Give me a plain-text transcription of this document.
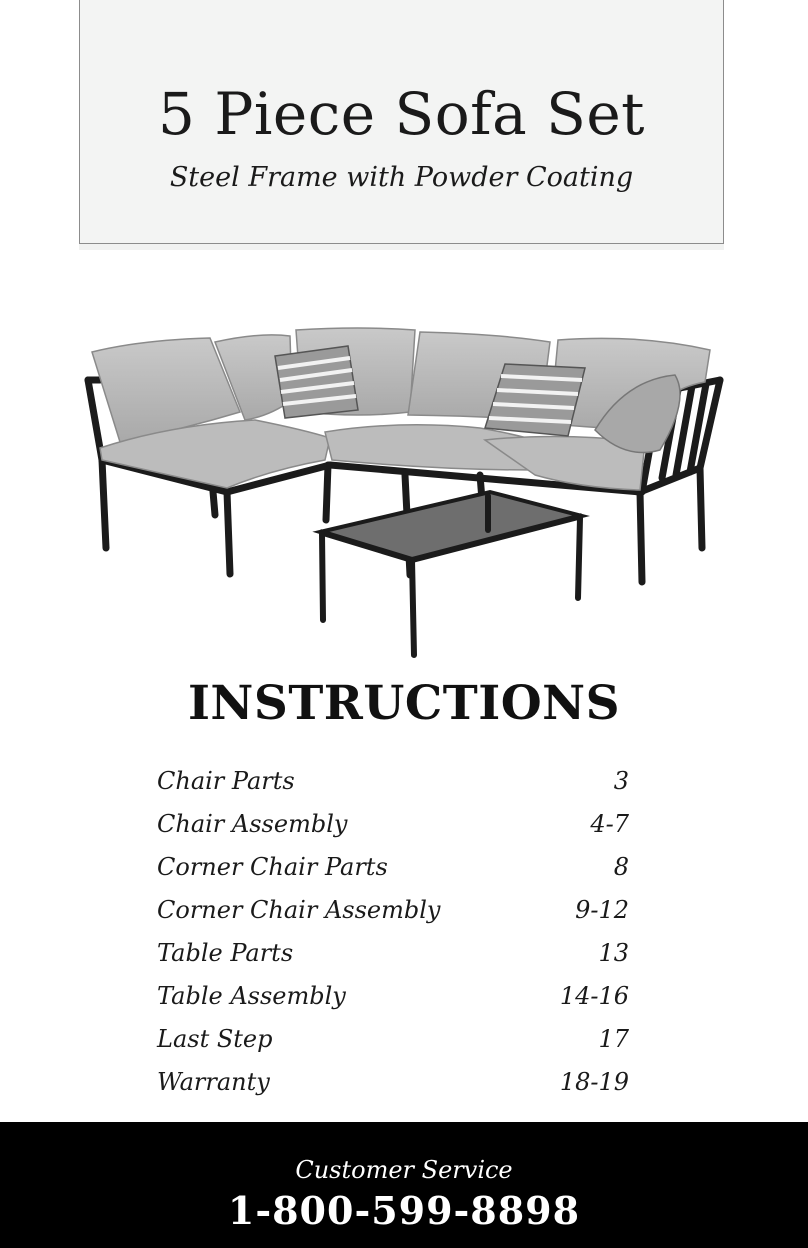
5 Piece Sofa Set
Steel Frame with Powder Coating
INSTRUCTIONS
Chair Parts	3
Chair Assembly	4-7
Corner Chair Parts	8
Corner Chair Assembly	9-12
Table Parts	13
Table Assembly	14-16
Last Step	17
Warranty	18-19
Customer Service
1-800-599-8898
